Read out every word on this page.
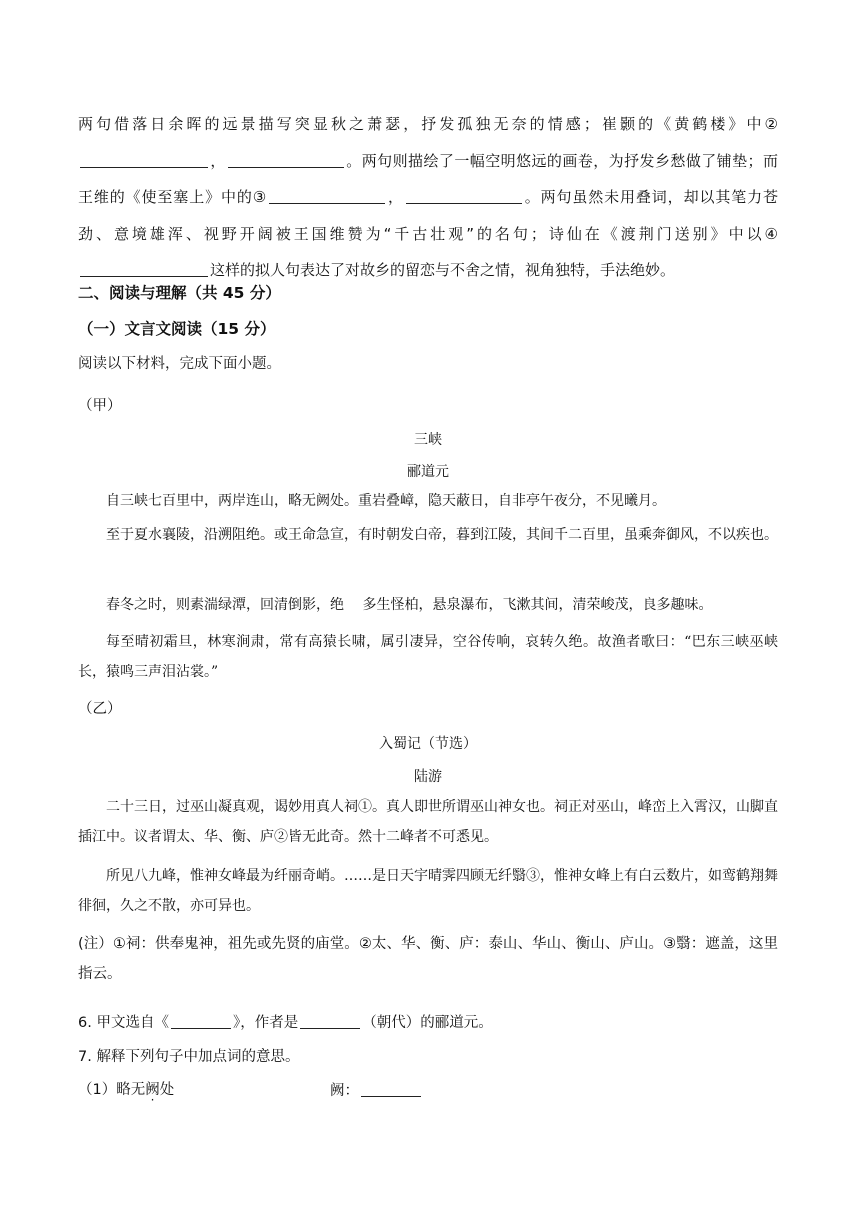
两句借落日余晖的远景描写突显秋之萧瑟，抒发孤独无奈的情感；崔颢的《黄鹤楼》中②，	。两句则描绘了一幅空明悠远的画卷，为抒发乡愁做了铺垫；而王维的《使至塞上》中的③	，	。两句虽然未用叠词，却以其笔力苍劲、意境雄浑、视野开阔被王国维赞为“千古壮观”的名句；诗仙在《渡荆门送别》中以④这样的拟人句表达了对故乡的留恋与不舍之情，视角独特，手法绝妙。
二、阅读与理解（共 45 分）
（一）文言文阅读（15 分）
阅读以下材料，完成下面小题。
（甲）
三峡
郦道元
自三峡七百里中，两岸连山，略无阙处。重岩叠嶂，隐天蔽日，自非亭午夜分，不见曦月。
至于夏水襄陵，沿溯阻绝。或王命急宣，有时朝发白帝，暮到江陵，其间千二百里，虽乘 ·奔御风，不以疾也。
春冬之时，则素湍绿潭，回清倒影，绝 　多生怪柏，悬泉瀑布，飞漱其间，清荣峻茂，良多趣味。
每至晴初霜旦，林寒涧肃，常有高猿长啸，属引凄异，空谷传响，哀转久绝。故渔者歌曰：“巴东三峡巫峡长，猿鸣三声泪沾裳。”
（乙）
入蜀记（节选）
陆游
二十三日，过巫山凝真观，谒妙用真人祠①。真人即世所谓巫山神女也。祠正对巫山，峰峦上入霄汉，山脚直插江中。议者谓太、华、衡、庐②皆无此奇。然十二峰者不可悉 ·见。
所见八九峰，惟神女峰最为纤丽奇峭。……是日天宇晴霁四顾无纤翳③，惟神女峰上有白云数片，如鸾鹤翔舞徘徊，久之不散，亦可异也。
(注）①祠：供奉鬼神，祖先或先贤的庙堂。②太、华、衡、庐：泰山、华山、衡山、庐山。③翳：遮盖，这里指云。
6. 甲文选自《	》，作者是	（朝代）的郦道元。
7. 解释下列句子中加点词的意思。
（1）略无阙处	阙：
